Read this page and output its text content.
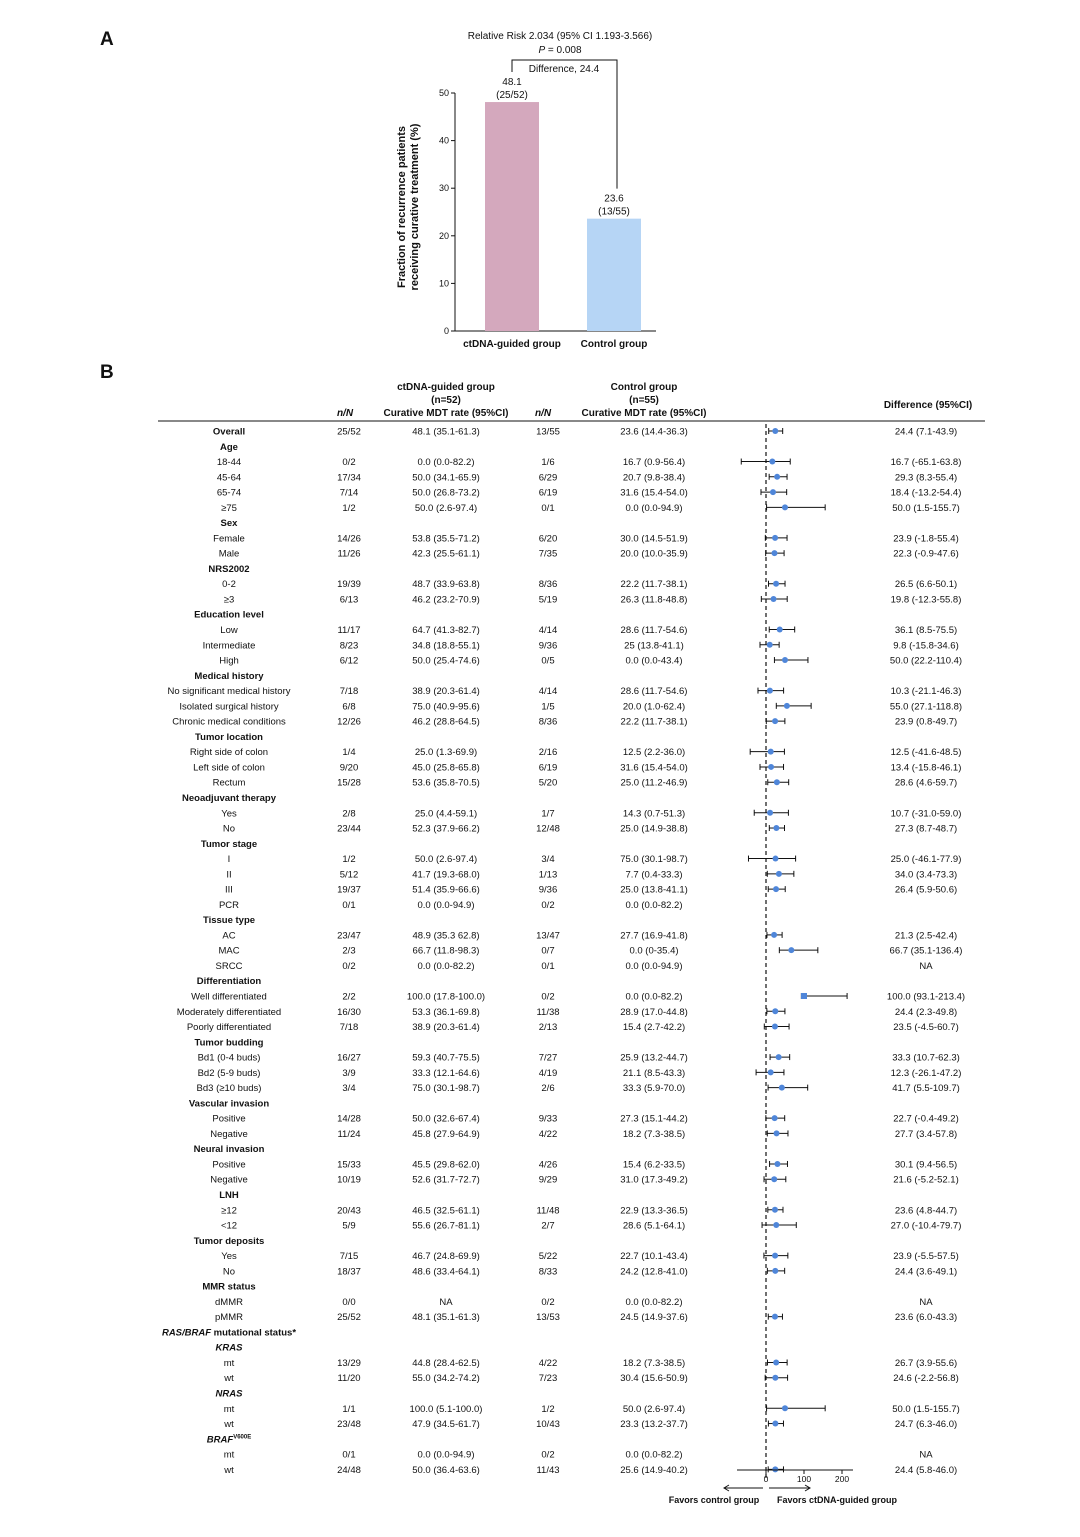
A	Relative Risk 2.034 (95% CI 1.193-3.566)
P = 0.008
Difference, 24.4
Fraction of recurrence patients receiving curative treatment (%)
0
10
20
30
40
50
48.1
(25/52)
ctDNA-guided group
23.6
(13/55)
Control group
B
ctDNA-guided group
(n=52)
Curative MDT rate (95%CI)
Control group
(n=55)
Curative MDT rate (95%CI)
n/N	n/N
Difference (95%CI)
Overall	25/52	48.1 (35.1-61.3)	13/55	23.6 (14.4-36.3)	24.4 (7.1-43.9)
Age
18-44	0/2	0.0 (0.0-82.2)	1/6	16.7 (0.9-56.4)	16.7 (-65.1-63.8)
45-64	17/34	50.0 (34.1-65.9)	6/29	20.7 (9.8-38.4)	29.3 (8.3-55.4)
65-74	7/14	50.0 (26.8-73.2)	6/19	31.6 (15.4-54.0)	18.4 (-13.2-54.4)
≥75	1/2	50.0 (2.6-97.4)	0/1	0.0 (0.0-94.9)	50.0 (1.5-155.7)
Sex
Female	14/26	53.8 (35.5-71.2)	6/20	30.0 (14.5-51.9)	23.9 (-1.8-55.4)
Male	11/26	42.3 (25.5-61.1)	7/35	20.0 (10.0-35.9)	22.3 (-0.9-47.6)
NRS2002
0-2	19/39	48.7 (33.9-63.8)	8/36	22.2 (11.7-38.1)	26.5 (6.6-50.1)
≥3	6/13	46.2 (23.2-70.9)	5/19	26.3 (11.8-48.8)	19.8 (-12.3-55.8)
Education level
Low	11/17	64.7 (41.3-82.7)	4/14	28.6 (11.7-54.6)	36.1 (8.5-75.5)
Intermediate	8/23	34.8 (18.8-55.1)	9/36	25 (13.8-41.1)	9.8 (-15.8-34.6)
High	6/12	50.0 (25.4-74.6)	0/5	0.0 (0.0-43.4)	50.0 (22.2-110.4)
Medical history
No significant medical history	7/18	38.9 (20.3-61.4)	4/14	28.6 (11.7-54.6)	10.3 (-21.1-46.3)
Isolated surgical history	6/8	75.0 (40.9-95.6)	1/5	20.0 (1.0-62.4)	55.0 (27.1-118.8)
Chronic medical conditions	12/26	46.2 (28.8-64.5)	8/36	22.2 (11.7-38.1)	23.9 (0.8-49.7)
Tumor location
Right side of colon	1/4	25.0 (1.3-69.9)	2/16	12.5 (2.2-36.0)	12.5 (-41.6-48.5)
Left side of colon	9/20	45.0 (25.8-65.8)	6/19	31.6 (15.4-54.0)	13.4 (-15.8-46.1)
Rectum	15/28	53.6 (35.8-70.5)	5/20	25.0 (11.2-46.9)	28.6 (4.6-59.7)
Neoadjuvant therapy
Yes	2/8	25.0 (4.4-59.1)	1/7	14.3 (0.7-51.3)	10.7 (-31.0-59.0)
No	23/44	52.3 (37.9-66.2)	12/48	25.0 (14.9-38.8)	27.3 (8.7-48.7)
Tumor stage
I	1/2	50.0 (2.6-97.4)	3/4	75.0 (30.1-98.7)	25.0 (-46.1-77.9)
II	5/12	41.7 (19.3-68.0)	1/13	7.7 (0.4-33.3)	34.0 (3.4-73.3)
III	19/37	51.4 (35.9-66.6)	9/36	25.0 (13.8-41.1)	26.4 (5.9-50.6)
PCR	0/1	0.0 (0.0-94.9)	0/2	0.0 (0.0-82.2)
Tissue type
AC	23/47	48.9 (35.3 62.8)	13/47	27.7 (16.9-41.8)	21.3 (2.5-42.4)
MAC	2/3	66.7 (11.8-98.3)	0/7	0.0 (0-35.4)	66.7 (35.1-136.4)
SRCC	0/2	0.0 (0.0-82.2)	0/1	0.0 (0.0-94.9)	NA
Differentiation
Well differentiated	2/2	100.0 (17.8-100.0)	0/2	0.0 (0.0-82.2)	100.0 (93.1-213.4)
Moderately differentiated	16/30	53.3 (36.1-69.8)	11/38	28.9 (17.0-44.8)	24.4 (2.3-49.8)
Poorly differentiated	7/18	38.9 (20.3-61.4)	2/13	15.4 (2.7-42.2)	23.5 (-4.5-60.7)
Tumor budding
Bd1 (0-4 buds)	16/27	59.3 (40.7-75.5)	7/27	25.9 (13.2-44.7)	33.3 (10.7-62.3)
Bd2 (5-9 buds)	3/9	33.3 (12.1-64.6)	4/19	21.1 (8.5-43.3)	12.3 (-26.1-47.2)
Bd3 (≥10 buds)	3/4	75.0 (30.1-98.7)	2/6	33.3 (5.9-70.0)	41.7 (5.5-109.7)
Vascular invasion
Positive	14/28	50.0 (32.6-67.4)	9/33	27.3 (15.1-44.2)	22.7 (-0.4-49.2)
Negative	11/24	45.8 (27.9-64.9)	4/22	18.2 (7.3-38.5)	27.7 (3.4-57.8)
Neural invasion
Positive	15/33	45.5 (29.8-62.0)	4/26	15.4 (6.2-33.5)	30.1 (9.4-56.5)
Negative	10/19	52.6 (31.7-72.7)	9/29	31.0 (17.3-49.2)	21.6 (-5.2-52.1)
LNH
≥12	20/43	46.5 (32.5-61.1)	11/48	22.9 (13.3-36.5)	23.6 (4.8-44.7)
<12	5/9	55.6 (26.7-81.1)	2/7	28.6 (5.1-64.1)	27.0 (-10.4-79.7)
Tumor deposits
Yes	7/15	46.7 (24.8-69.9)	5/22	22.7 (10.1-43.4)	23.9 (-5.5-57.5)
No	18/37	48.6 (33.4-64.1)	8/33	24.2 (12.8-41.0)	24.4 (3.6-49.1)
MMR status
dMMR	0/0	NA	0/2	0.0 (0.0-82.2)	NA
pMMR	25/52	48.1 (35.1-61.3)	13/53	24.5 (14.9-37.6)	23.6 (6.0-43.3)
RAS/BRAF mutational status*
KRAS
mt	13/29	44.8 (28.4-62.5)	4/22	18.2 (7.3-38.5)	26.7 (3.9-55.6)
wt	11/20	55.0 (34.2-74.2)	7/23	30.4 (15.6-50.9)	24.6 (-2.2-56.8)
NRAS
mt	1/1	100.0 (5.1-100.0)	1/2	50.0 (2.6-97.4)	50.0 (1.5-155.7)
wt	23/48	47.9 (34.5-61.7)	10/43	23.3 (13.2-37.7)	24.7 (6.3-46.0)
$BRAF^{V600E}$
mt	0/1	0.0 (0.0-94.9)	0/2	0.0 (0.0-82.2)	NA
wt	24/48	50.0 (36.4-63.6)	11/43	25.6 (14.9-40.2)	24.4 (5.8-46.0)
0	100	200
Favors control group Favors ctDNA-guided group
